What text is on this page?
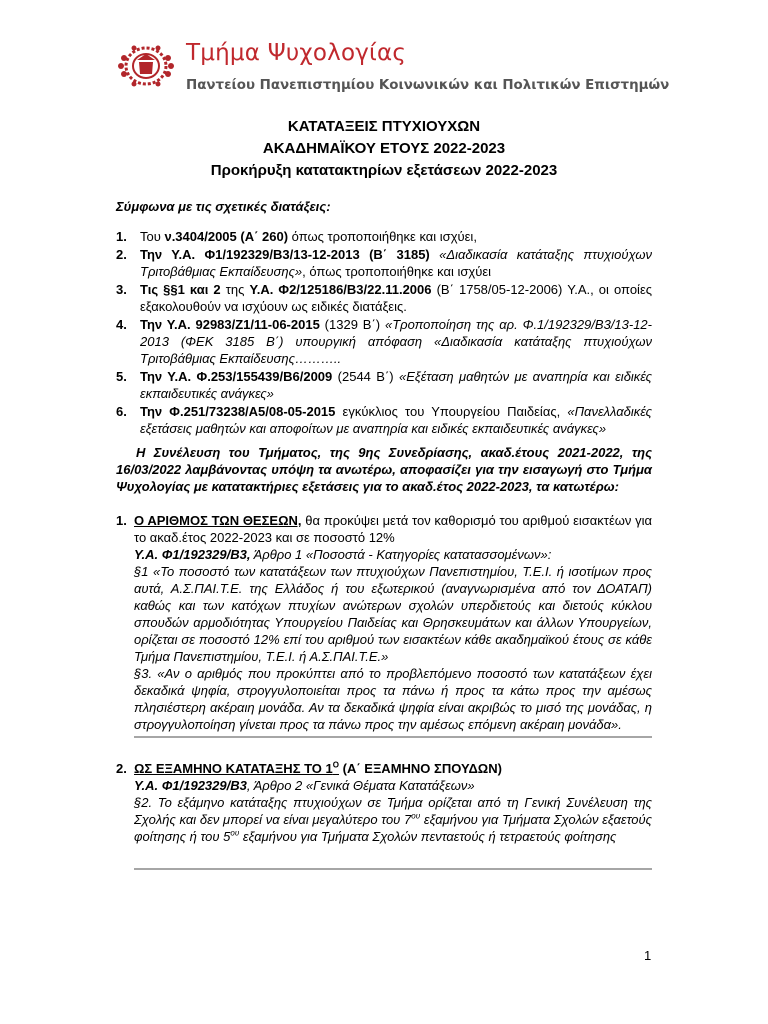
Τμήμα Ψυχολογίας
Παντείου Πανεπιστημίου Κοινωνικών και Πολιτικών Επιστημών
ΚΑΤΑΤΑΞΕΙΣ ΠΤΥΧΙΟΥΧΩΝ
ΑΚΑΔΗΜΑΪΚΟΥ ΕΤΟΥΣ 2022-2023
Προκήρυξη κατατακτηρίων εξετάσεων 2022-2023
Σύμφωνα με τις σχετικές διατάξεις:
1. Του ν.3404/2005 (Α΄ 260) όπως τροποποιήθηκε και ισχύει,
2. Την Υ.Α. Φ1/192329/Β3/13-12-2013 (Β΄ 3185) «Διαδικασία κατάταξης πτυχιούχων Τριτοβάθμιας Εκπαίδευσης», όπως τροποποιήθηκε και ισχύει
3. Τις §§1 και 2 της Υ.Α. Φ2/125186/Β3/22.11.2006 (Β΄ 1758/05-12-2006) Υ.Α., οι οποίες εξακολουθούν να ισχύουν ως ειδικές διατάξεις.
4. Την Υ.Α. 92983/Ζ1/11-06-2015 (1329 Β΄) «Τροποποίηση της αρ. Φ.1/192329/Β3/13-12-2013 (ΦΕΚ 3185 Β΄) υπουργική απόφαση «Διαδικασία κατάταξης πτυχιούχων Τριτοβάθμιας Εκπαίδευσης………..
5. Την Υ.Α. Φ.253/155439/Β6/2009 (2544 Β΄) «Εξέταση μαθητών με αναπηρία και ειδικές εκπαιδευτικές ανάγκες»
6. Την Φ.251/73238/Α5/08-05-2015 εγκύκλιος του Υπουργείου Παιδείας, «Πανελλαδικές εξετάσεις μαθητών και αποφοίτων με αναπηρία και ειδικές εκπαιδευτικές ανάγκες»
Η Συνέλευση του Τμήματος, της 9ης Συνεδρίασης, ακαδ.έτους 2021-2022, της 16/03/2022 λαμβάνοντας υπόψη τα ανωτέρω, αποφασίζει για την εισαγωγή στο Τμήμα Ψυχολογίας με κατατακτήριες εξετάσεις για το ακαδ.έτος 2022-2023, τα κατωτέρω:
1. Ο ΑΡΙΘΜΟΣ ΤΩΝ ΘΕΣΕΩΝ, θα προκύψει μετά τον καθορισμό του αριθμού εισακτέων για το ακαδ.έτος 2022-2023 και σε ποσοστό 12%
Υ.Α. Φ1/192329/Β3, Άρθρο 1 «Ποσοστά - Κατηγορίες κατατασσομένων»:
§1 «Το ποσοστό των κατατάξεων των πτυχιούχων Πανεπιστημίου, Τ.Ε.Ι. ή ισοτίμων προς αυτά, Α.Σ.ΠΑΙ.Τ.Ε. της Ελλάδος ή του εξωτερικού (αναγνωρισμένα από τον ΔΟΑΤΑΠ) καθώς και των κατόχων πτυχίων ανώτερων σχολών υπερδιετούς και διετούς κύκλου σπουδών αρμοδιότητας Υπουργείου Παιδείας και Θρησκευμάτων και άλλων Υπουργείων, ορίζεται σε ποσοστό 12% επί του αριθμού των εισακτέων κάθε ακαδημαϊκού έτους σε κάθε Τμήμα Πανεπιστημίου, Τ.Ε.Ι. ή Α.Σ.ΠΑΙ.Τ.Ε.»
§3. «Αν ο αριθμός που προκύπτει από το προβλεπόμενο ποσοστό των κατατάξεων έχει δεκαδικά ψηφία, στρογγυλοποιείται προς τα πάνω ή προς τα κάτω προς την αμέσως πλησιέστερη ακέραιη μονάδα. Αν τα δεκαδικά ψηφία είναι ακριβώς το μισό της μονάδας, η στρογγυλοποίηση γίνεται προς τα πάνω προς την αμέσως επόμενη ακέραιη μονάδα».
2. ΩΣ ΕΞΑΜΗΝΟ ΚΑΤΑΤΑΞΗΣ ΤΟ $1^O$ (Α΄ ΕΞΑΜΗΝΟ ΣΠΟΥΔΩΝ)
Υ.Α. Φ1/192329/Β3, Άρθρο 2 «Γενικά Θέματα Κατατάξεων»
§2. Το εξάμηνο κατάταξης πτυχιούχων σε Τμήμα ορίζεται από τη Γενική Συνέλευση της Σχολής και δεν μπορεί να είναι μεγαλύτερο του $7^{o\upsilon}$ εξαμήνου για Τμήματα Σχολών εξαετούς φοίτησης ή του $5^{o\upsilon}$ εξαμήνου για Τμήματα Σχολών πενταετούς ή τετραετούς φοίτησης
1
